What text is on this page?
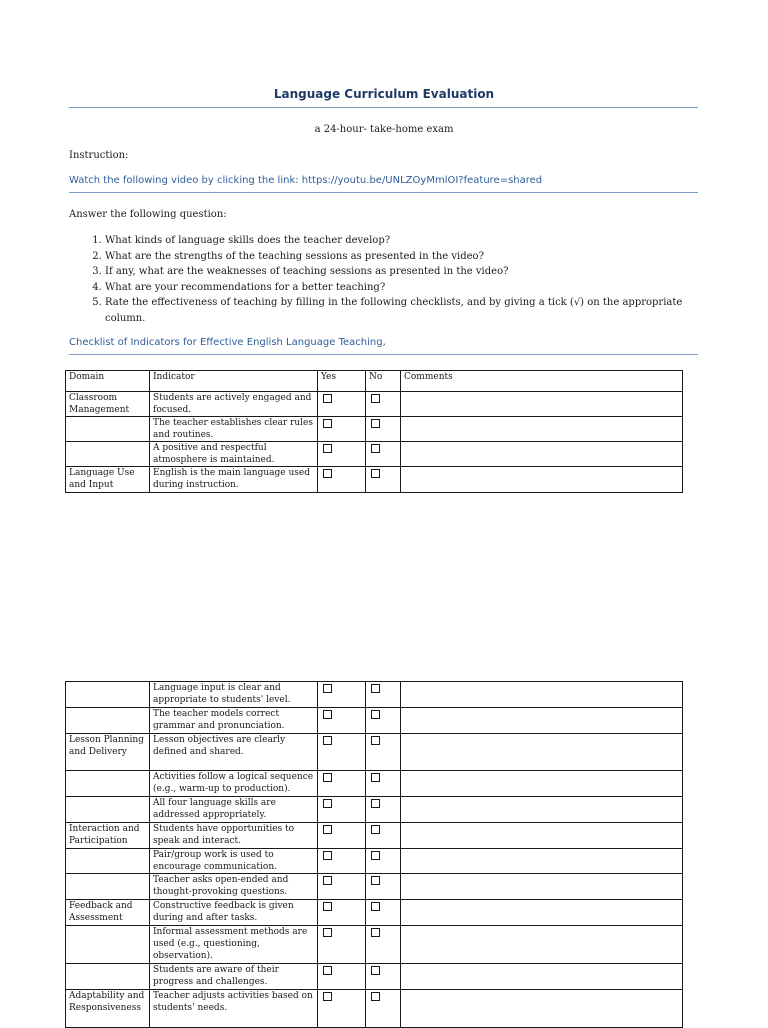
Language Curriculum Evaluation
a 24-hour- take-home exam
Instruction:
Watch the following video by clicking the link: https://youtu.be/UNLZOyMmlOI?feature=shared
Answer the following question:
1. What kinds of language skills does the teacher develop?
2. What are the strengths of the teaching sessions as presented in the video?
3. If any, what are the weaknesses of teaching sessions as presented in the video?
4. What are your recommendations for a better teaching?
5. Rate the effectiveness of teaching by filling in the following checklists, and by giving a tick (√) on the appropriate column.
Checklist of Indicators for Effective English Language Teaching,
Domain	Indicator	Yes	No	Comments
Classroom Management	Students are actively engaged and focused.			
	The teacher establishes clear rules and routines.			
	A positive and respectful atmosphere is maintained.			
Language Use and Input	English is the main language used during instruction.			
	Language input is clear and appropriate to students' level.			
	The teacher models correct grammar and pronunciation.			
Lesson Planning and Delivery	Lesson objectives are clearly defined and shared.			
	Activities follow a logical sequence (e.g., warm-up to production).			
	All four language skills are addressed appropriately.			
Interaction and Participation	Students have opportunities to speak and interact.			
	Pair/group work is used to encourage communication.			
	Teacher asks open-ended and thought-provoking questions.			
Feedback and Assessment	Constructive feedback is given during and after tasks.			
	Informal assessment methods are used (e.g., questioning, observation).			
	Students are aware of their progress and challenges.			
Adaptability and Responsiveness	Teacher adjusts activities based on students' needs.			
